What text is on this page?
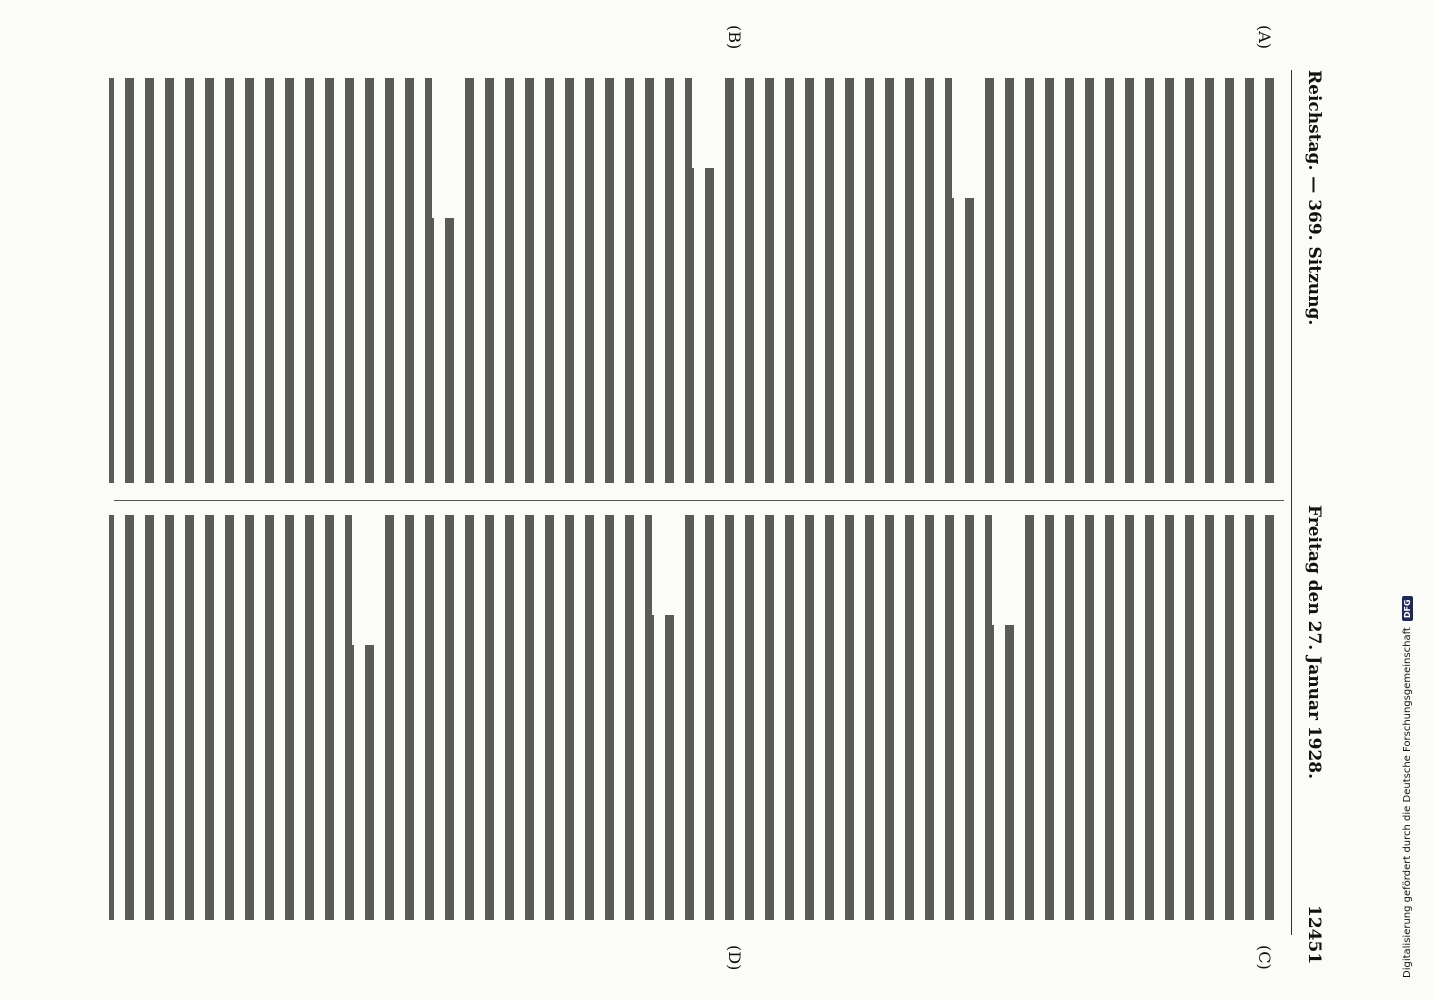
Reichstag. — 369. Sitzung.
Freitag den 27. Januar 1928.
12451
(A)
(B)
(C)
(D)	Digitalisierung gefördert durch die Deutsche Forschungsgemeinschaft
DFG
